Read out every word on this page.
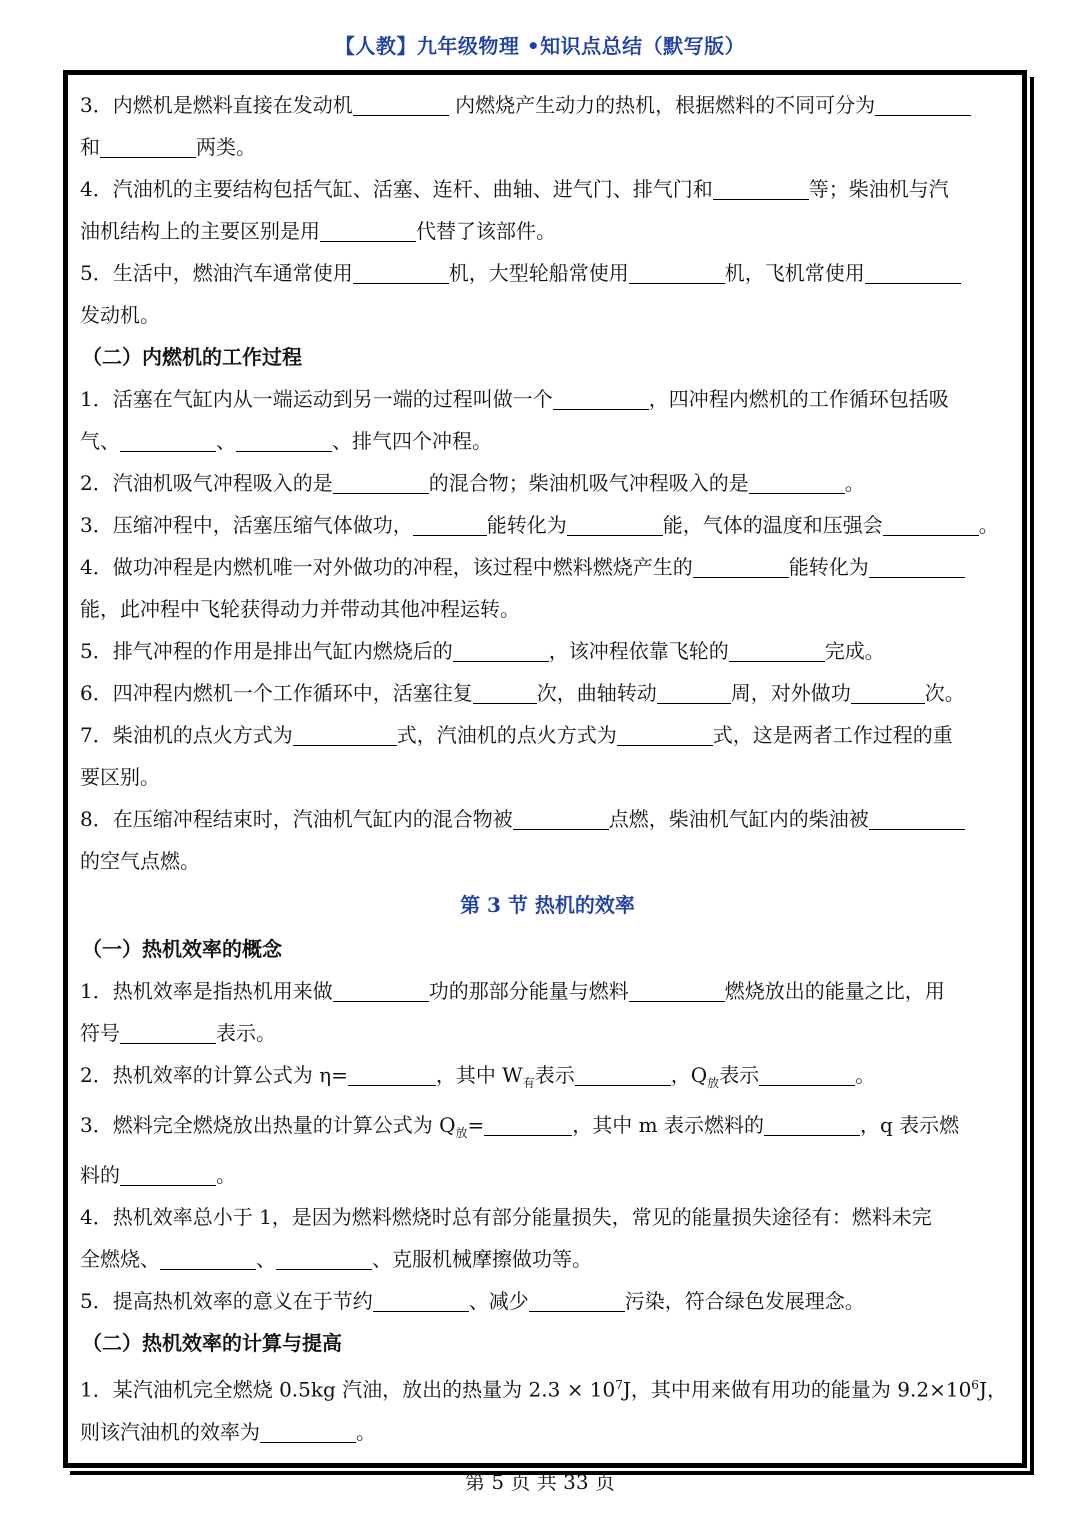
【人教】九年级物理 •知识点总结（默写版）
3．内燃机是燃料直接在发动机	内燃烧产生动力的热机，根据燃料的不同可分为
和	两类。
4．汽油机的主要结构包括气缸、活塞、连杆、曲轴、进气门、排气门和	等；柴油机与汽
油机结构上的主要区别是用	代替了该部件。
5．生活中，燃油汽车通常使用	机，大型轮船常使用	机，飞机常使用
发动机。
（二）内燃机的工作过程
1．活塞在气缸内从一端运动到另一端的过程叫做一个	，四冲程内燃机的工作循环包括吸
气、	、	、排气四个冲程。
2．汽油机吸气冲程吸入的是	的混合物；柴油机吸气冲程吸入的是	。
3．压缩冲程中，活塞压缩气体做功，	能转化为	能，气体的温度和压强会	。
4．做功冲程是内燃机唯一对外做功的冲程，该过程中燃料燃烧产生的	能转化为
能，此冲程中飞轮获得动力并带动其他冲程运转。
5．排气冲程的作用是排出气缸内燃烧后的	，该冲程依靠飞轮的	完成。
6．四冲程内燃机一个工作循环中，活塞往复	次，曲轴转动	周，对外做功	次。
7．柴油机的点火方式为	式，汽油机的点火方式为	式，这是两者工作过程的重
要区别。
8．在压缩冲程结束时，汽油机气缸内的混合物被	点燃，柴油机气缸内的柴油被
的空气点燃。
第 3 节 热机的效率
（一）热机效率的概念
1．热机效率是指热机用来做	功的那部分能量与燃料	燃烧放出的能量之比，用
符号	表示。
2．热机效率的计算公式为 η=	，其中 $W_有$表示	，$Q_放$表示	。
3．燃料完全燃烧放出热量的计算公式为 $Q_放=$	，其中 m 表示燃料的	，q 表示燃
料的	。
4．热机效率总小于 1，是因为燃料燃烧时总有部分能量损失，常见的能量损失途径有：燃料未完
全燃烧、	、	、克服机械摩擦做功等。
5．提高热机效率的意义在于节约	、减少	污染，符合绿色发展理念。
（二）热机效率的计算与提高
1．某汽油机完全燃烧 0.5kg 汽油，放出的热量为 $2.3 \times 10^7J$，其中用来做有用功的能量为 $9.2\times 10^6J$，
则该汽油机的效率为	。
第 5 页 共 33 页
